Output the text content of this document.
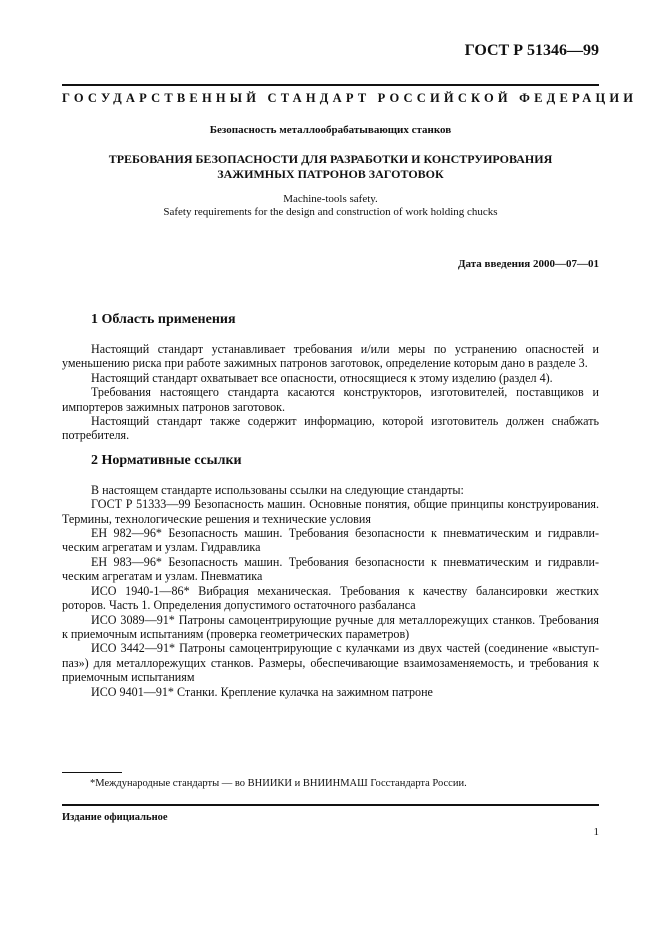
ГОСТ Р 51346—99
ГОСУДАРСТВЕННЫЙ СТАНДАРТ РОССИЙСКОЙ ФЕДЕРАЦИИ
Безопасность металлообрабатывающих станков
ТРЕБОВАНИЯ БЕЗОПАСНОСТИ ДЛЯ РАЗРАБОТКИ И КОНСТРУИРОВАНИЯ
ЗАЖИМНЫХ ПАТРОНОВ ЗАГОТОВОК
Machine-tools safety.
Safety requirements for the design and construction of work holding chucks
Дата введения 2000—07—01
1 Область применения

Настоящий стандарт устанавливает требования и/или меры по устранению опасностей и уменьшению риска при работе зажимных патронов заготовок, определение которым дано в разделе 3.

Настоящий стандарт охватывает все опасности, относящиеся к этому изделию (раздел 4).

Требования настоящего стандарта касаются конструкторов, изготовителей, поставщиков и импортеров зажимных патронов заготовок.

Настоящий стандарт также содержит информацию, которой изготовитель должен снабжать потребителя.

2 Нормативные ссылки

В настоящем стандарте использованы ссылки на следующие стандарты:

ГОСТ Р 51333—99 Безопасность машин. Основные понятия, общие принципы конструирования. Термины, технологические решения и технические условия

ЕН 982—96* Безопасность машин. Требования безопасности к пневматическим и гидравлическим агрегатам и узлам. Гидравлика

ЕН 983—96* Безопасность машин. Требования безопасности к пневматическим и гидравлическим агрегатам и узлам. Пневматика

ИСО 1940-1—86* Вибрация механическая. Требования к качеству балансировки жестких роторов. Часть 1. Определения допустимого остаточного разбаланса

ИСО 3089—91* Патроны самоцентрирующие ручные для металлорежущих станков. Требования к приемочным испытаниям (проверка геометрических параметров)

ИСО 3442—91* Патроны самоцентрирующие с кулачками из двух частей (соединение «выступ-паз») для металлорежущих станков. Размеры, обеспечивающие взаимозаменяемость, и требования к приемочным испытаниям

ИСО 9401—91* Станки. Крепление кулачка на зажимном патроне

*Международные стандарты — во ВНИИКИ и ВНИИНМАШ Госстандарта России.
Издание официальное
1
